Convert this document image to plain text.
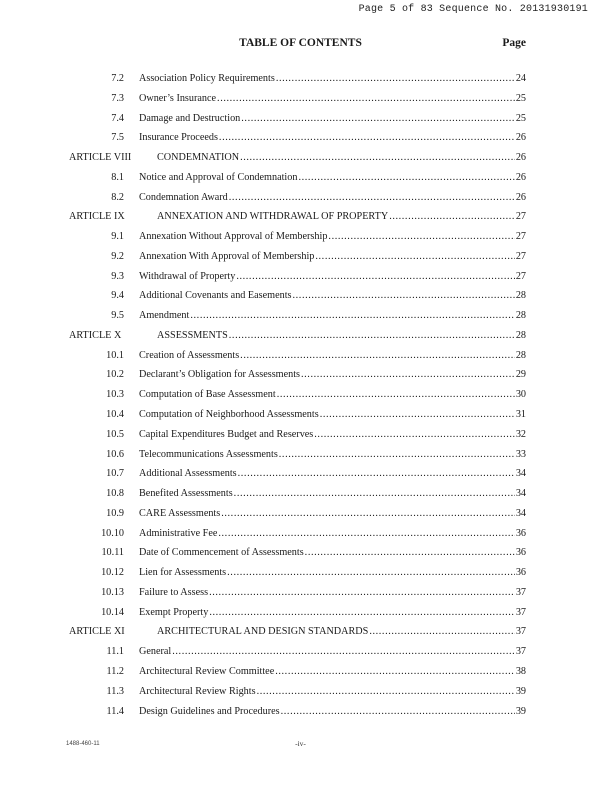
Page 5 of 83 Sequence No. 20131930191
TABLE OF CONTENTS	Page
7.2 Association Policy Requirements .....	24
7.3 Owner’s Insurance .....	25
7.4 Damage and Destruction .....	25
7.5 Insurance Proceeds .....	26
ARTICLE VIII	CONDEMNATION .....	26
8.1 Notice and Approval of Condemnation .....	26
8.2 Condemnation Award .....	26
ARTICLE IX	ANNEXATION AND WITHDRAWAL OF PROPERTY .....	27
9.1 Annexation Without Approval of Membership .....	27
9.2 Annexation With Approval of Membership .....	27
9.3 Withdrawal of Property .....	27
9.4 Additional Covenants and Easements .....	28
9.5 Amendment .....	28
ARTICLE X	ASSESSMENTS .....	28
10.1 Creation of Assessments .....	28
10.2 Declarant’s Obligation for Assessments .....	29
10.3 Computation of Base Assessment .....	30
10.4 Computation of Neighborhood Assessments .....	31
10.5 Capital Expenditures Budget and Reserves .....	32
10.6 Telecommunications Assessments .....	33
10.7 Additional Assessments .....	34
10.8 Benefited Assessments .....	34
10.9 CARE Assessments .....	34
10.10 Administrative Fee .....	36
10.11 Date of Commencement of Assessments .....	36
10.12 Lien for Assessments .....	36
10.13 Failure to Assess .....	37
10.14 Exempt Property .....	37
ARTICLE XI	ARCHITECTURAL AND DESIGN STANDARDS .....	37
11.1 General .....	37
11.2 Architectural Review Committee .....	38
11.3 Architectural Review Rights .....	39
11.4 Design Guidelines and Procedures .....	39
1488-460-11	-iv-
